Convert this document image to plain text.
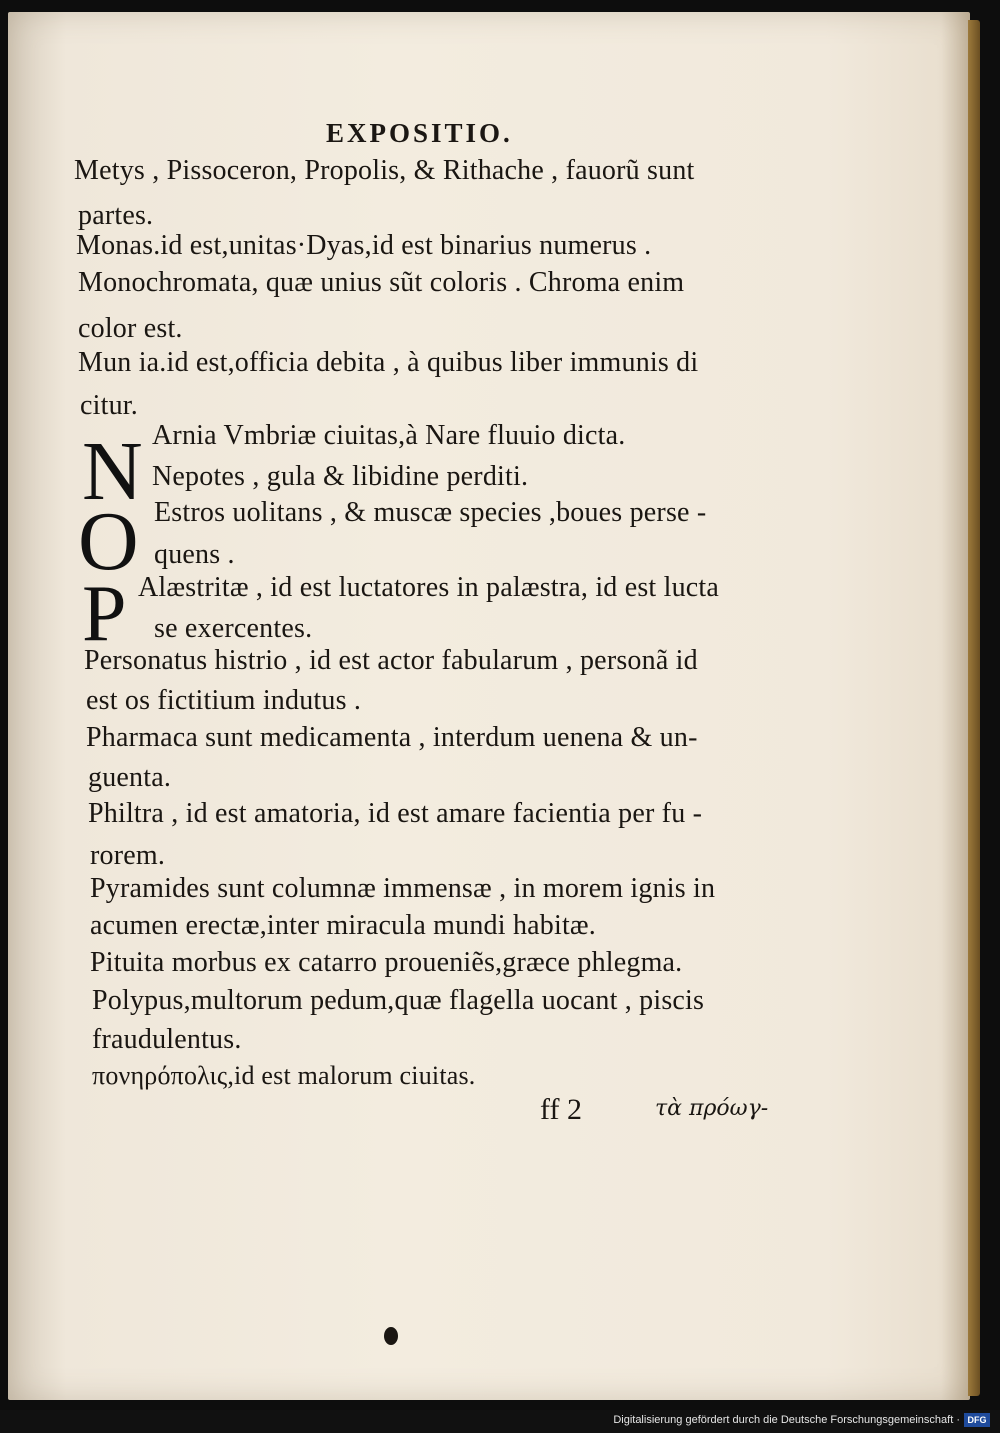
EXPOSITIO.
Metys , Pissoceron, Propolis, & Rithache , fauorũ sunt
partes.
Monas.id est,unitas·Dyas,id est binarius numerus .
Monochromata, quæ unius sũt coloris . Chroma enim
color est.
Mun ia.id est,officia debita , à quibus liber immunis di
citur.
N Arnia Vmbriæ ciuitas,à Nare fluuio dicta.
Nepotes , gula & libidine perditi.
O Estros uolitans , & muscæ species ,boues perse -
quens .
P Alæstritæ , id est luctatores in palæstra, id est lucta
se exercentes.
Personatus histrio , id est actor fabularum , personã id
est os fictitium indutus .
Pharmaca sunt medicamenta , interdum uenena & un-
guenta.
Philtra , id est amatoria, id est amare facientia per fu -
rorem.
Pyramides sunt columnæ immensæ , in morem ignis in
acumen erectæ,inter miracula mundi habitæ.
Pituita morbus ex catarro proueniẽs,græce phlegma.
Polypus,multorum pedum,quæ flagella uocant , piscis
fraudulentus.
πονηρόπολις,id est malorum ciuitas.
ff 2	τὰ πρόωγ-
Digitalisierung gefördert durch die Deutsche Forschungsgemeinschaft · DFG
